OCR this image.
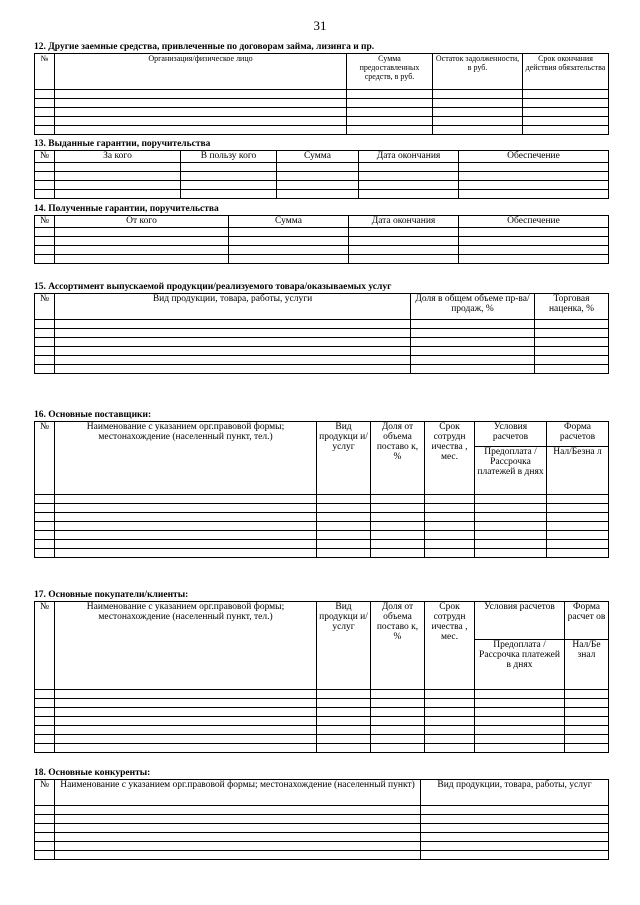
31
12. Другие заемные средства, привлеченные по договорам займа, лизинга и пр.
№	Организация/физическое лицо	Сумма предоставленных средств, в руб.	Остаток задолженности, в руб.	Срок окончания действия обязательства

13. Выданные гарантии, поручительства
№	За кого	В пользу кого	Сумма	Дата окончания	Обеспечение

14. Полученные гарантии, поручительства
№	От кого	Сумма	Дата окончания	Обеспечение

15. Ассортимент выпускаемой продукции/реализуемого товара/оказываемых услуг
№	Вид продукции, товара, работы, услуги	Доля в общем объеме пр-ва/продаж, %	Торговая наценка, %

16. Основные поставщики:
№	Наименование с указанием орг.правовой формы; местонахождение (населенный пункт, тел.)	Вид продукци и/услуг	Доля от объема поставо к, %	Срок сотрудн ичества , мес.	Условия расчетов	Форма расчетов
					Предоплата / Рассрочка платежей в днях	Нал/Безна л

17. Основные покупатели/клиенты:
№	Наименование с указанием орг.правовой формы; местонахождение (населенный пункт, тел.)	Вид продукци и/услуг	Доля от объема поставо к, %	Срок сотрудн ичества , мес.	Условия расчетов	Форма расчет ов
					Предоплата / Рассрочка платежей в днях	Нал/Бе знал

18. Основные конкуренты:
№	Наименование с указанием орг.правовой формы; местонахождение (населенный пункт)	Вид продукции, товара, работы, услуг
